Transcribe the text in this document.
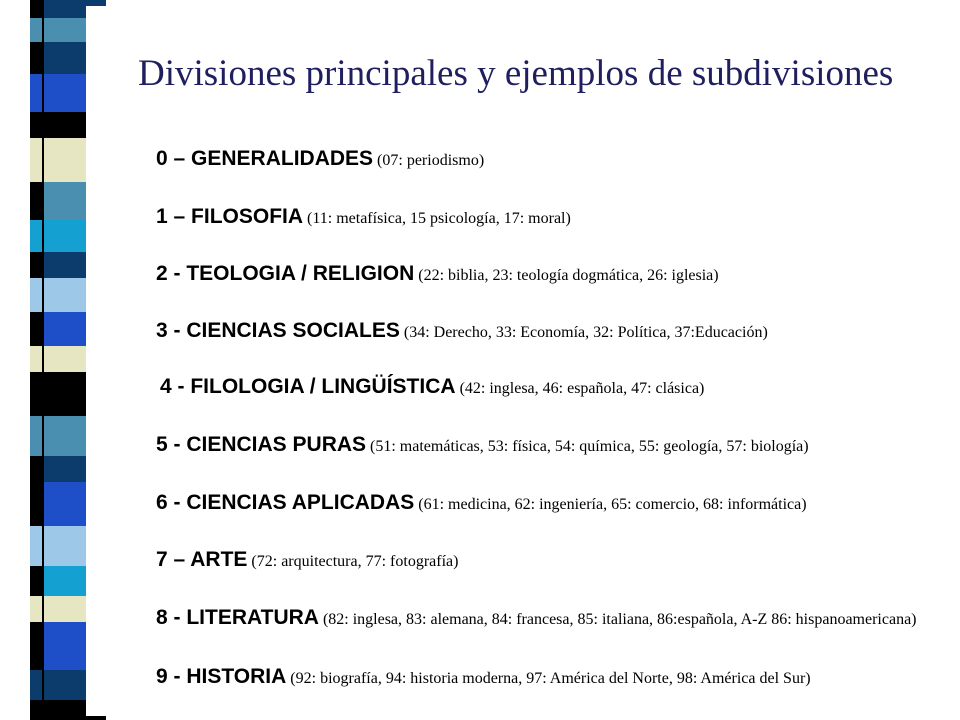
Divisiones principales y ejemplos de subdivisiones
0 – GENERALIDADES (07: periodismo)
1 – FILOSOFIA (11: metafísica, 15 psicología, 17: moral)
2 - TEOLOGIA / RELIGION (22: biblia, 23: teología dogmática, 26: iglesia)
3 - CIENCIAS SOCIALES (34: Derecho, 33: Economía, 32: Política, 37:Educación)
4 - FILOLOGIA / LINGÜÍSTICA (42: inglesa, 46: española, 47: clásica)
5 - CIENCIAS PURAS (51: matemáticas, 53: física, 54: química, 55: geología, 57: biología)
6 - CIENCIAS APLICADAS (61: medicina, 62: ingeniería, 65: comercio, 68: informática)
7 – ARTE (72: arquitectura, 77: fotografía)
8 - LITERATURA (82: inglesa, 83: alemana, 84: francesa, 85: italiana, 86:española, A-Z 86: hispanoamericana)
9 - HISTORIA (92: biografía, 94: historia moderna, 97: América del Norte, 98: América del Sur)
